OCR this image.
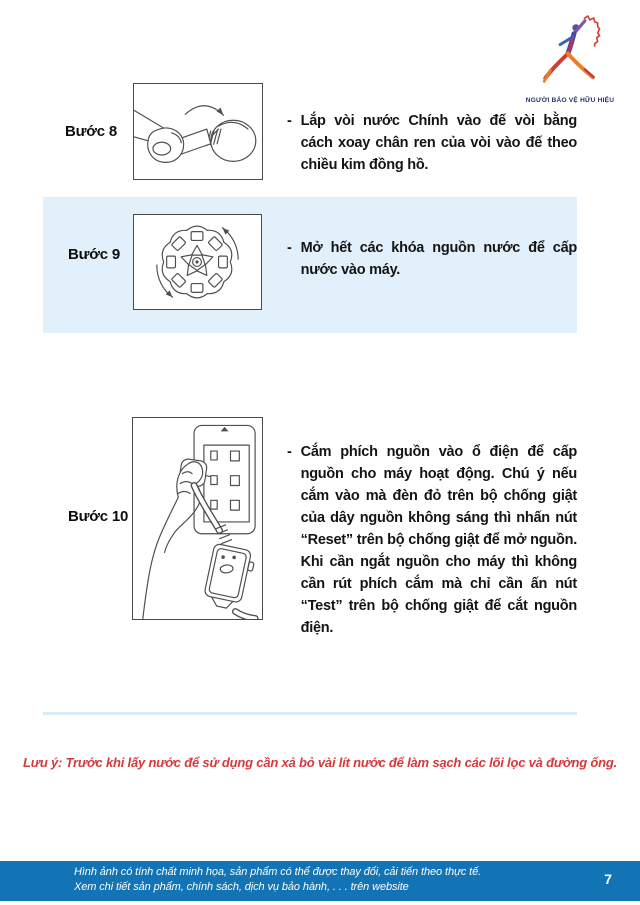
NGƯỜI BẢO VỆ HỮU HIỆU
Bước 8
- Lắp vòi nước Chính vào đế vòi bằng cách xoay chân ren của vòi vào đế theo chiều kim đồng hồ.

Bước 9	- Mở hết các khóa nguồn nước để cấp nước vào máy.

Bước 10
- Cắm phích nguồn vào ổ điện để cấp nguồn cho máy hoạt động. Chú ý nếu cắm vào mà đèn đỏ trên bộ chống giật của dây nguồn không sáng thì nhấn nút “Reset” trên bộ chống giật để mở nguồn. Khi cần ngắt nguồn cho máy thì không cần rút phích cắm mà chỉ cần ấn nút “Test” trên bộ chống giật để cắt nguồn điện.

Lưu ý: Trước khi lấy nước để sử dụng cần xả bỏ vài lít nước để làm sạch các lõi lọc và đường ống.
Hình ảnh có tính chất minh họa, sản phẩm có thể được thay đổi, cải tiến theo thực tế.
Xem chi tiết sản phẩm, chính sách, dịch vụ bảo hành, . . . trên website	7
